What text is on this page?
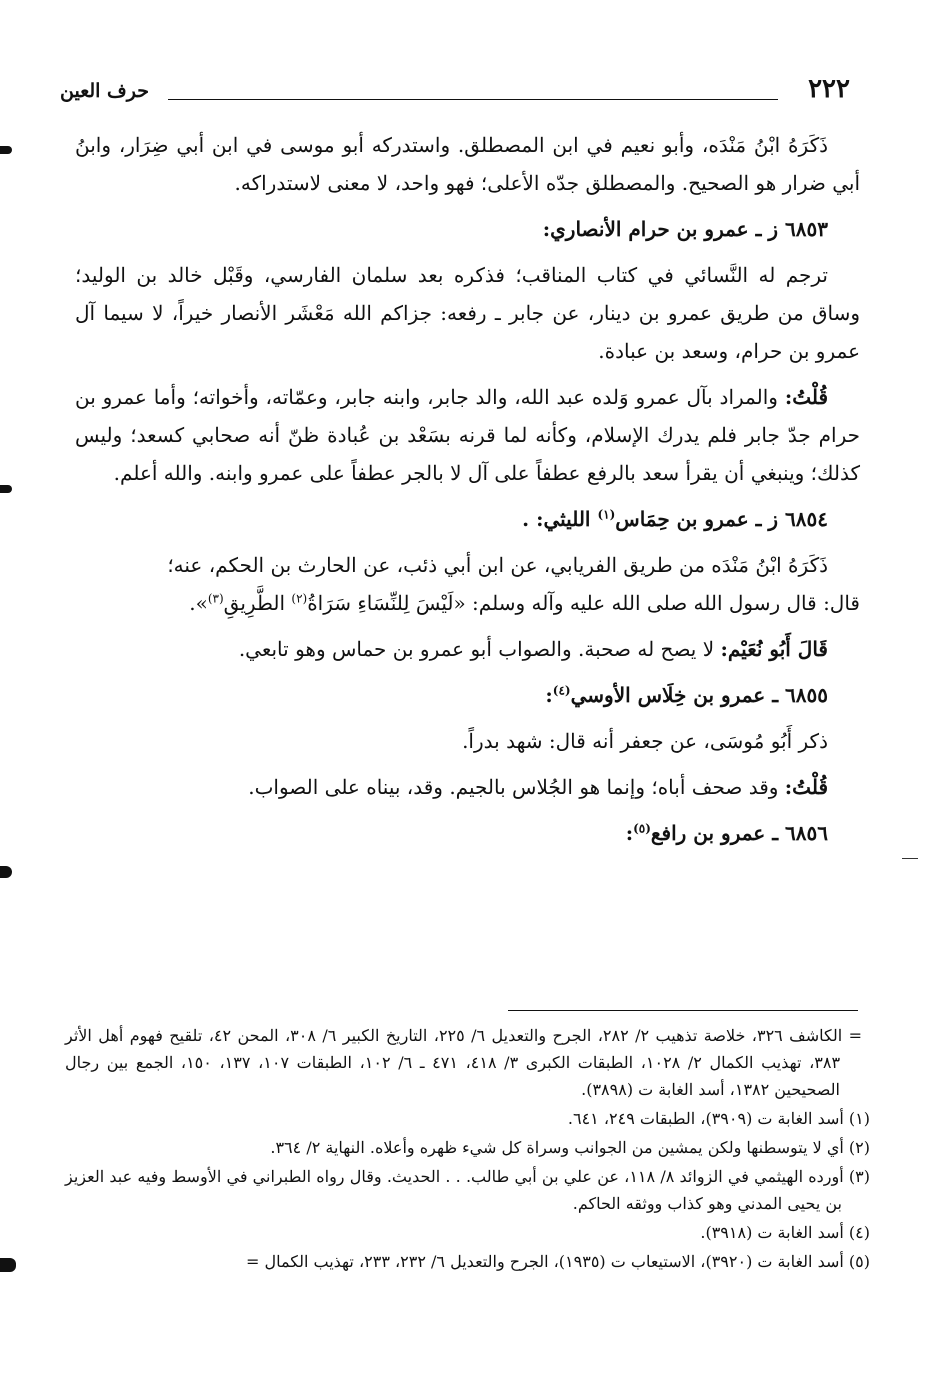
٢٢٢
حرف العين

ذَكَرَهُ ابْنُ مَنْدَه، وأبو نعيم في ابن المصطلق. واستدركه أبو موسى في ابن أبي ضِرَار، وابنُ أبي ضرار هو الصحيح. والمصطلق جدّه الأعلى؛ فهو واحد، لا معنى لاستدراكه.

٦٨٥٣ ز ـ عمرو بن حرام الأنصاري:

ترجم له النَّسائي في كتاب المناقب؛ فذكره بعد سلمان الفارسي، وقَبْل خالد بن الوليد؛ وساق من طريق عمرو بن دينار، عن جابر ـ رفعه: جزاكم الله مَعْشَر الأنصار خيراً، لا سيما آل عمرو بن حرام، وسعد بن عبادة.

قُلْتُ: والمراد بآل عمرو وَلده عبد الله، والد جابر، وابنه جابر، وعمّاته، وأخواته؛ وأما عمرو بن حرام جدّ جابر فلم يدرك الإسلام، وكأنه لما قرنه بسَعْد بن عُبادة ظنّ أنه صحابي كسعد؛ وليس كذلك؛ وينبغي أن يقرأ سعد بالرفع عطفاً على آل لا بالجر عطفاً على عمرو وابنه. والله أعلم.

٦٨٥٤ ز ـ عمرو بن حِمَاس$^{(١)}$ الليثي: .

ذَكَرَهُ ابْنُ مَنْدَه من طريق الفريابي، عن ابن أبي ذئب، عن الحارث بن الحكم، عنه؛

قال: قال رسول الله صلى الله عليه وآله وسلم: «لَيْسَ لِلنِّسَاءِ سَرَاةُ$^{(٢)}$ الطَّرِيقِ$^{(٣)}$».

قَالَ أَبُو نُعَيْم: لا يصح له صحبة. والصواب أبو عمرو بن حماس وهو تابعي.

٦٨٥٥ ـ عمرو بن خِلَاس الأوسي$^{(٤)}$:

ذكر أَبُو مُوسَى، عن جعفر أنه قال: شهد بدراً.

قُلْتُ: وقد صحف أباه؛ وإنما هو الجُلاس بالجيم. وقد، بيناه على الصواب.

٦٨٥٦ ـ عمرو بن رافع$^{(٥)}$:

= الكاشف ٣٢٦، خلاصة تذهيب ٢/ ٢٨٢، الجرح والتعديل ٦/ ٢٢٥، التاريخ الكبير ٦/ ٣٠٨، المحن ٤٢، تلقيح فهوم أهل الأثر ٣٨٣، تهذيب الكمال ٢/ ١٠٢٨، الطبقات الكبرى ٣/ ٤١٨، ٤٧١ ـ ٦/ ١٠٢، الطبقات ١٠٧، ١٣٧، ١٥٠، الجمع بين رجال الصحيحين ١٣٨٢، أسد الغابة ت (٣٨٩٨).

(١) أسد الغابة ت (٣٩٠٩)، الطبقات ٢٤٩، ٦٤١.

(٢) أي لا يتوسطنها ولكن يمشين من الجوانب وسراة كل شيء ظهره وأعلاه. النهاية ٢/ ٣٦٤.

(٣) أورده الهيثمي في الزوائد ٨/ ١١٨، عن علي بن أبي طالب. . . الحديث. وقال رواه الطبراني في الأوسط وفيه عبد العزيز بن يحيى المدني وهو كذاب ووثقه الحاكم.

(٤) أسد الغابة ت (٣٩١٨).

(٥) أسد الغابة ت (٣٩٢٠)، الاستيعاب ت (١٩٣٥)، الجرح والتعديل ٦/ ٢٣٢، ٢٣٣، تهذيب الكمال =
